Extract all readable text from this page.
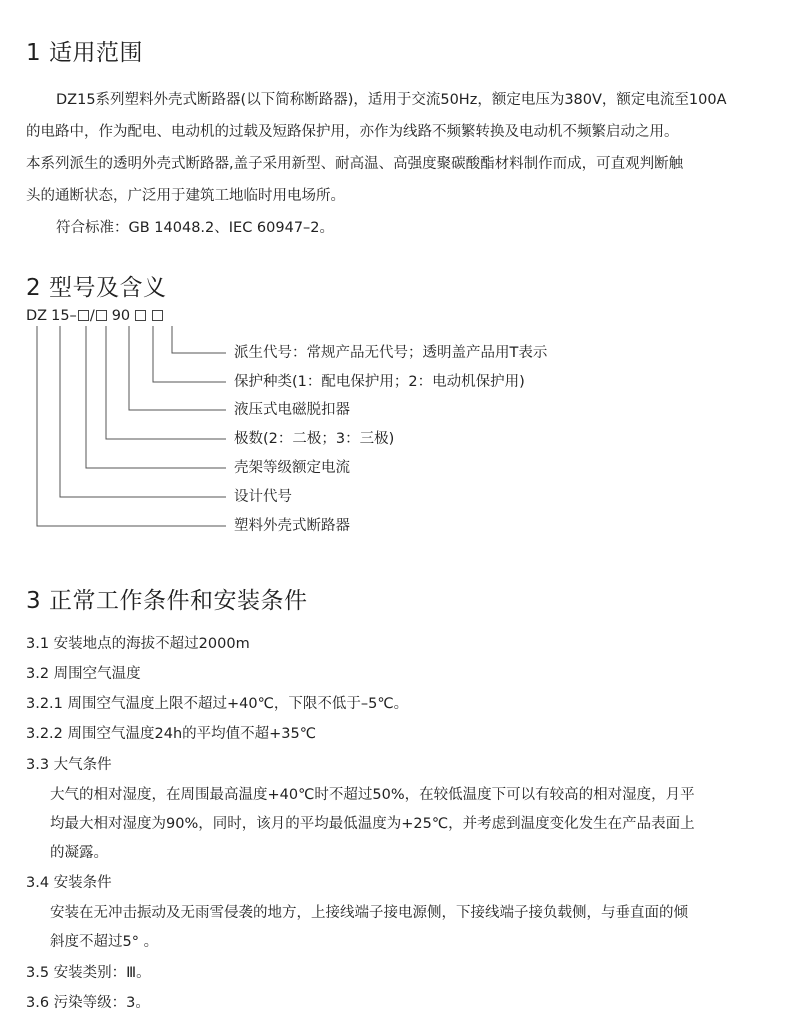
1 适用范围
DZ15系列塑料外壳式断路器(以下简称断路器)，适用于交流50Hz，额定电压为380V，额定电流至100A
的电路中，作为配电、电动机的过载及短路保护用，亦作为线路不频繁转换及电动机不频繁启动之用。
本系列派生的透明外壳式断路器,盖子采用新型、耐高温、高强度聚碳酸酯材料制作而成，可直观判断触
头的通断状态，广泛用于建筑工地临时用电场所。
符合标准：GB 14048.2、IEC 60947–2。
2 型号及含义
DZ 15– / 90
派生代号：常规产品无代号；透明盖产品用T表示
保护种类(1：配电保护用；2：电动机保护用)
液压式电磁脱扣器
极数(2：二极；3：三极)
壳架等级额定电流
设计代号
塑料外壳式断路器
3 正常工作条件和安装条件
3.1 安装地点的海拔不超过2000m
3.2 周围空气温度
3.2.1 周围空气温度上限不超过+40℃，下限不低于–5℃。
3.2.2 周围空气温度24h的平均值不超+35℃
3.3 大气条件
大气的相对湿度，在周围最高温度+40℃时不超过50%，在较低温度下可以有较高的相对湿度，月平
均最大相对湿度为90%，同时，该月的平均最低温度为+25℃，并考虑到温度变化发生在产品表面上
的凝露。
3.4 安装条件
安装在无冲击振动及无雨雪侵袭的地方，上接线端子接电源侧，下接线端子接负载侧，与垂直面的倾
斜度不超过5° 。
3.5 安装类别：Ⅲ。
3.6 污染等级：3。
